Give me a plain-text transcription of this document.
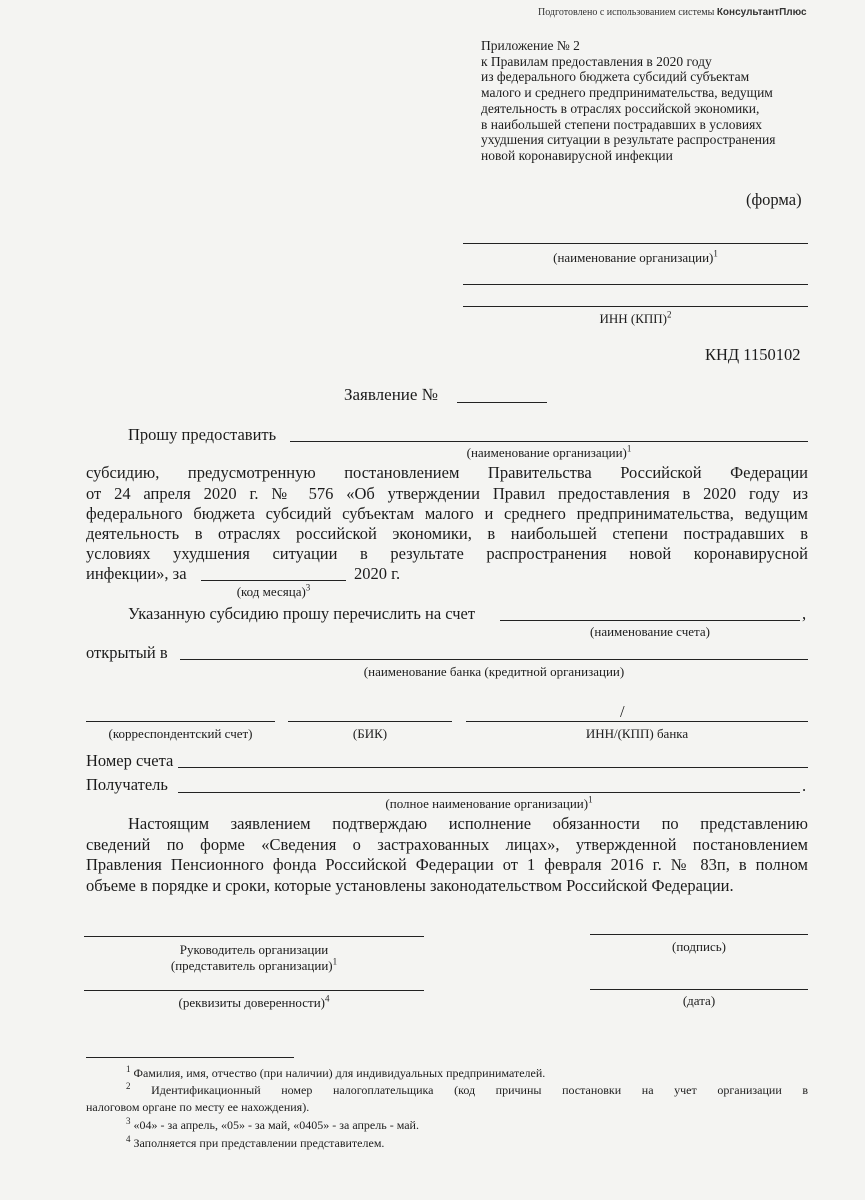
Подготовлено с использованием системы КонсультантПлюс
Приложение № 2
к Правилам предоставления в 2020 году
из федерального бюджета субсидий субъектам
малого и среднего предпринимательства, ведущим
деятельность в отраслях российской экономики,
в наибольшей степени пострадавших в условиях
ухудшения ситуации в результате распространения
новой коронавирусной инфекции
(форма)
(наименование организации)$^1$
ИНН (КПП)$^2$
КНД 1150102
Заявление №
Прошу предоставить
(наименование организации)$^1$
субсидию, предусмотренную постановлением Правительства Российской Федерации
от 24 апреля 2020 г. № 576 «Об утверждении Правил предоставления в 2020 году из
федерального бюджета субсидий субъектам малого и среднего предпринимательства, ведущим
деятельность в отраслях российской экономики, в наибольшей степени пострадавших в
условиях ухудшения ситуации в результате распространения новой коронавирусной
инфекции», за	2020 г.
(код месяца)$^3$
Указанную субсидию прошу перечислить на счет	,
(наименование счета)
открытый в
(наименование банка (кредитной организации)
/
(корреспондентский счет)	(БИК)	ИНН/(КПП) банка
Номер счета
Получатель	.
(полное наименование организации)$^1$
Настоящим заявлением подтверждаю исполнение обязанности по представлению
сведений по форме «Сведения о застрахованных лицах», утвержденной постановлением
Правления Пенсионного фонда Российской Федерации от 1 февраля 2016 г. № 83п, в полном
объеме в порядке и сроки, которые установлены законодательством Российской Федерации.
Руководитель организации
(представитель организации)$^1$
(подпись)
(реквизиты доверенности)$^4$	(дата)
$^1$ Фамилия, имя, отчество (при наличии) для индивидуальных предпринимателей.
$^2$ Идентификационный номер налогоплательщика (код причины постановки на учет организации в
налоговом органе по месту ее нахождения).
$^3$ «04» - за апрель, «05» - за май, «0405» - за апрель - май.
$^4$ Заполняется при представлении представителем.
